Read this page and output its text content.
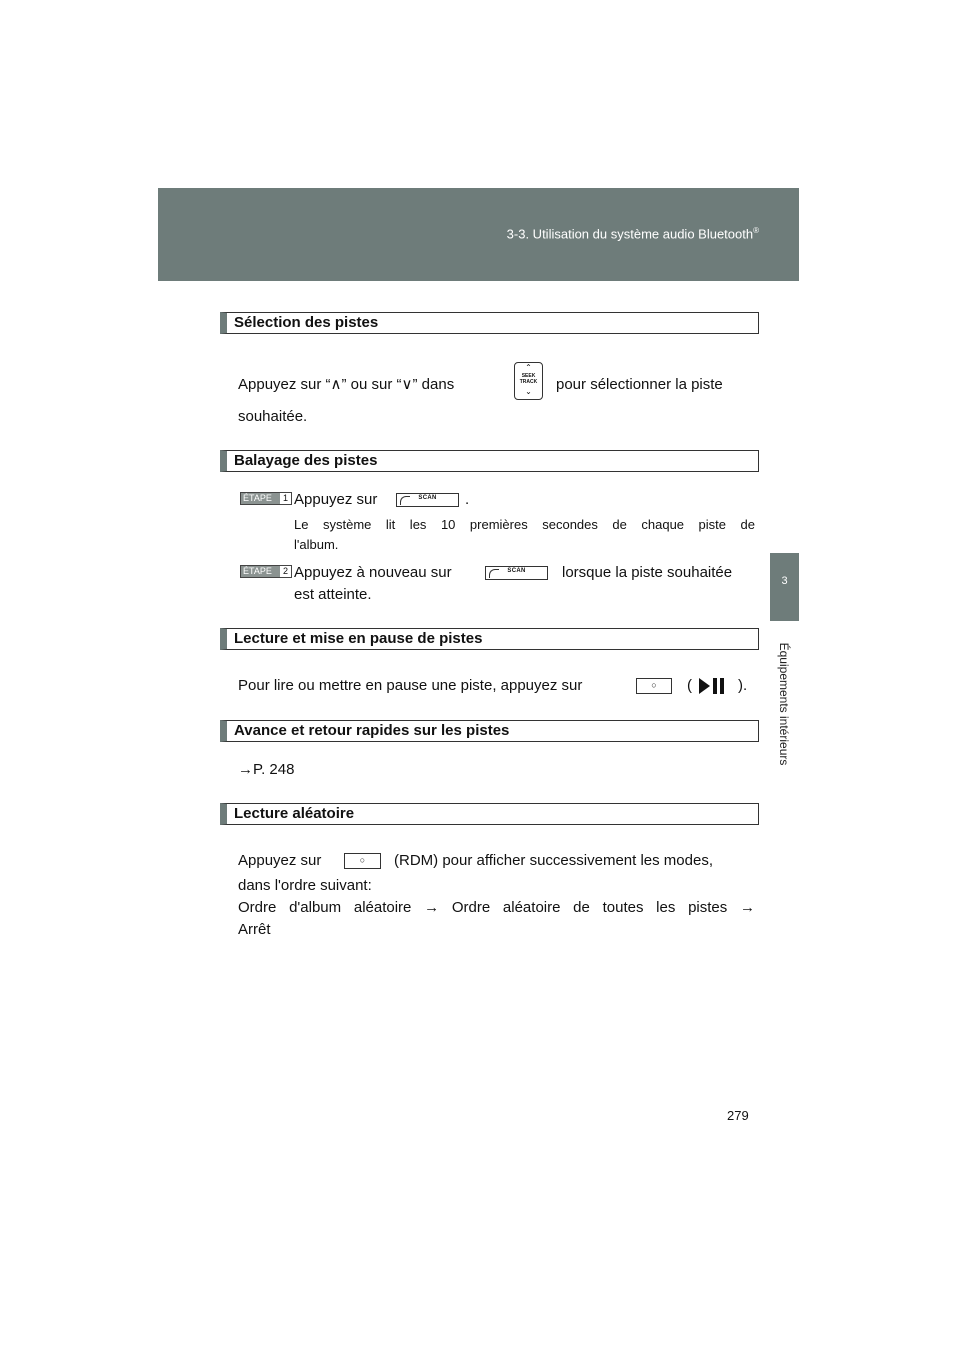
3-3. Utilisation du système audio Bluetooth®
3
Équipements intérieurs
Sélection des pistes
Appuyez sur “∧” ou sur “∨” dans
⌃
SEEK
TRACK
⌄	pour sélectionner la piste
souhaitée.
Balayage des pistes
ÉTAPE	1 Appuyez sur	SCAN	.
Le système lit les 10 premières secondes de chaque piste de
l'album.
ÉTAPE	2 Appuyez à nouveau sur	SCAN	lorsque la piste souhaitée
est atteinte.
Lecture et mise en pause de pistes
Pour lire ou mettre en pause une piste, appuyez sur	○	(	).
Avance et retour rapides sur les pistes
→P. 248
Lecture aléatoire
Appuyez sur	○	(RDM) pour afficher successivement les modes,
dans l'ordre suivant:
Ordre d'album aléatoire → Ordre aléatoire de toutes les pistes →
Arrêt
279
